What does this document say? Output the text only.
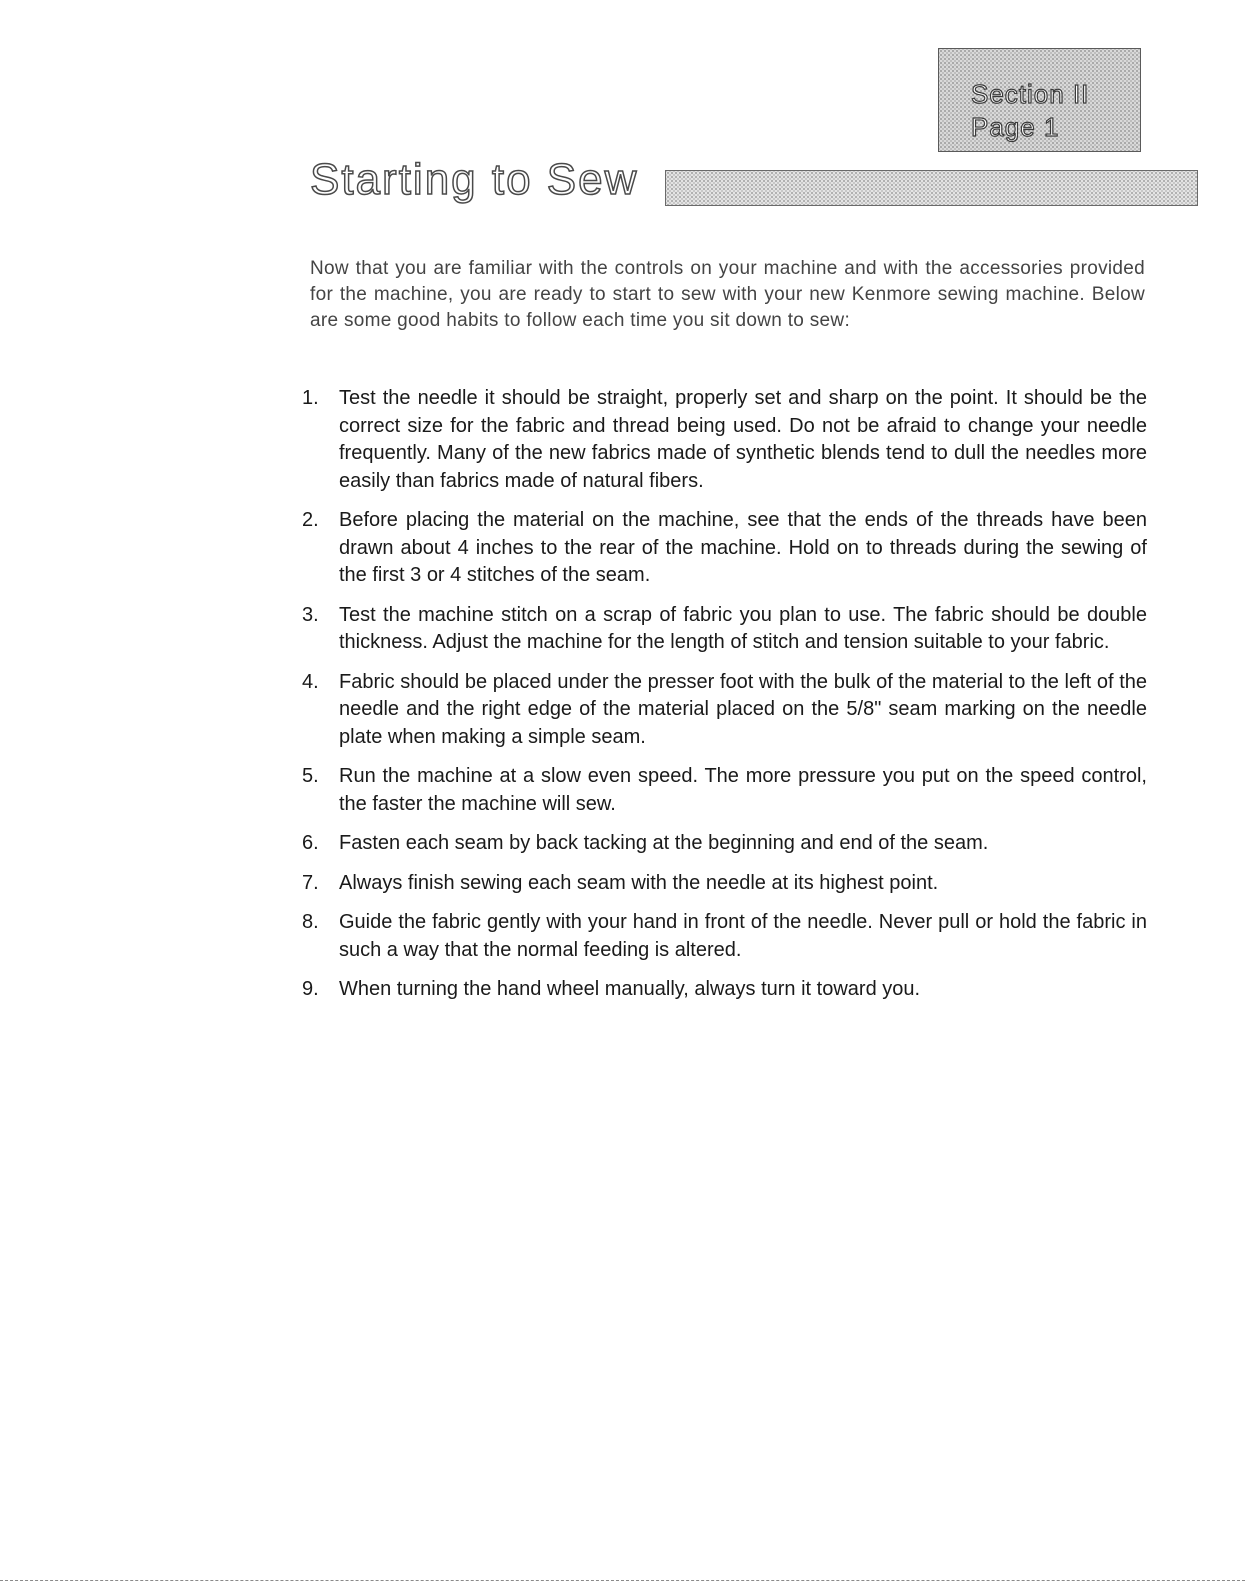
Section II
Page 1
Starting to Sew

Now that you are familiar with the controls on your machine and with the accessories provided for the machine, you are ready to start to sew with your new Kenmore sewing machine. Below are some good habits to follow each time you sit down to sew:

1. Test the needle it should be straight, properly set and sharp on the point. It should be the correct size for the fabric and thread being used. Do not be afraid to change your needle frequently. Many of the new fabrics made of synthetic blends tend to dull the needles more easily than fabrics made of natural fibers.
2. Before placing the material on the machine, see that the ends of the threads have been drawn about 4 inches to the rear of the machine. Hold on to threads during the sewing of the first 3 or 4 stitches of the seam.
3. Test the machine stitch on a scrap of fabric you plan to use. The fabric should be double thickness. Adjust the machine for the length of stitch and tension suitable to your fabric.
4. Fabric should be placed under the presser foot with the bulk of the material to the left of the needle and the right edge of the material placed on the 5/8" seam marking on the needle plate when making a simple seam.
5. Run the machine at a slow even speed. The more pressure you put on the speed control, the faster the machine will sew.
6. Fasten each seam by back tacking at the beginning and end of the seam.
7. Always finish sewing each seam with the needle at its highest point.
8. Guide the fabric gently with your hand in front of the needle. Never pull or hold the fabric in such a way that the normal feeding is altered.
9. When turning the hand wheel manually, always turn it toward you.
